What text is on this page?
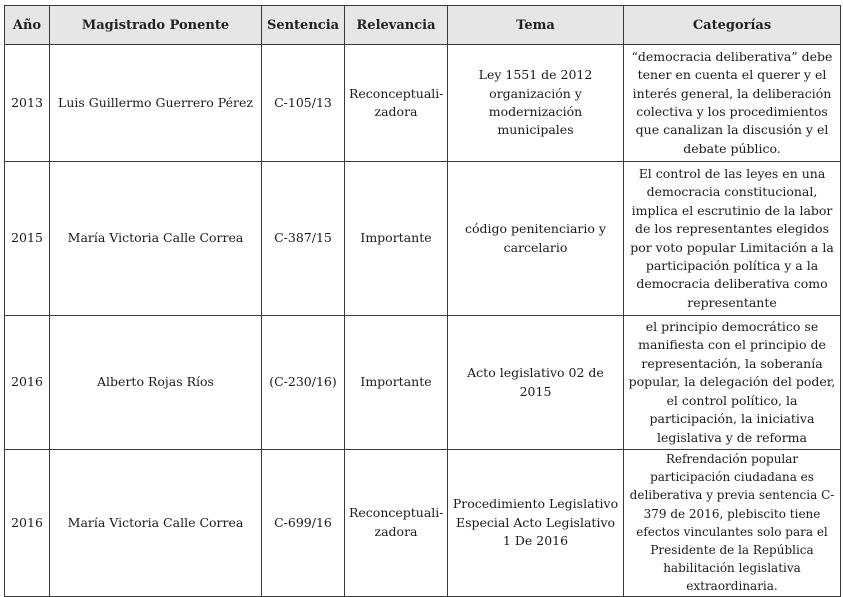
Año	Magistrado Ponente	Sentencia	Relevancia	Tema	Categorías
2013	Luis Guillermo Guerrero Pérez	C-105/13	Reconceptuali-zadora	Ley 1551 de 2012 organización y modernización municipales	“democracia deliberativa” debe tener en cuenta el querer y el interés general, la deliberación colectiva y los procedimientos que canalizan la discusión y el debate público.
2015	María Victoria Calle Correa	C-387/15	Importante	código penitenciario y carcelario	El control de las leyes en una democracia constitucional, implica el escrutinio de la labor de los representantes elegidos por voto popular Limitación a la participación política y a la democracia deliberativa como representante
2016	Alberto Rojas Ríos	(C-230/16)	Importante	Acto legislativo 02 de 2015	el principio democrático se manifiesta con el principio de representación, la soberanía popular, la delegación del poder, el control político, la participación, la iniciativa legislativa y de reforma
2016	María Victoria Calle Correa	C-699/16	Reconceptuali-zadora	Procedimiento Legislativo Especial Acto Legislativo 1 De 2016	Refrendación popular participación ciudadana es deliberativa y previa sentencia C-379 de 2016, plebiscito tiene efectos vinculantes solo para el Presidente de la República habilitación legislativa extraordinaria.
